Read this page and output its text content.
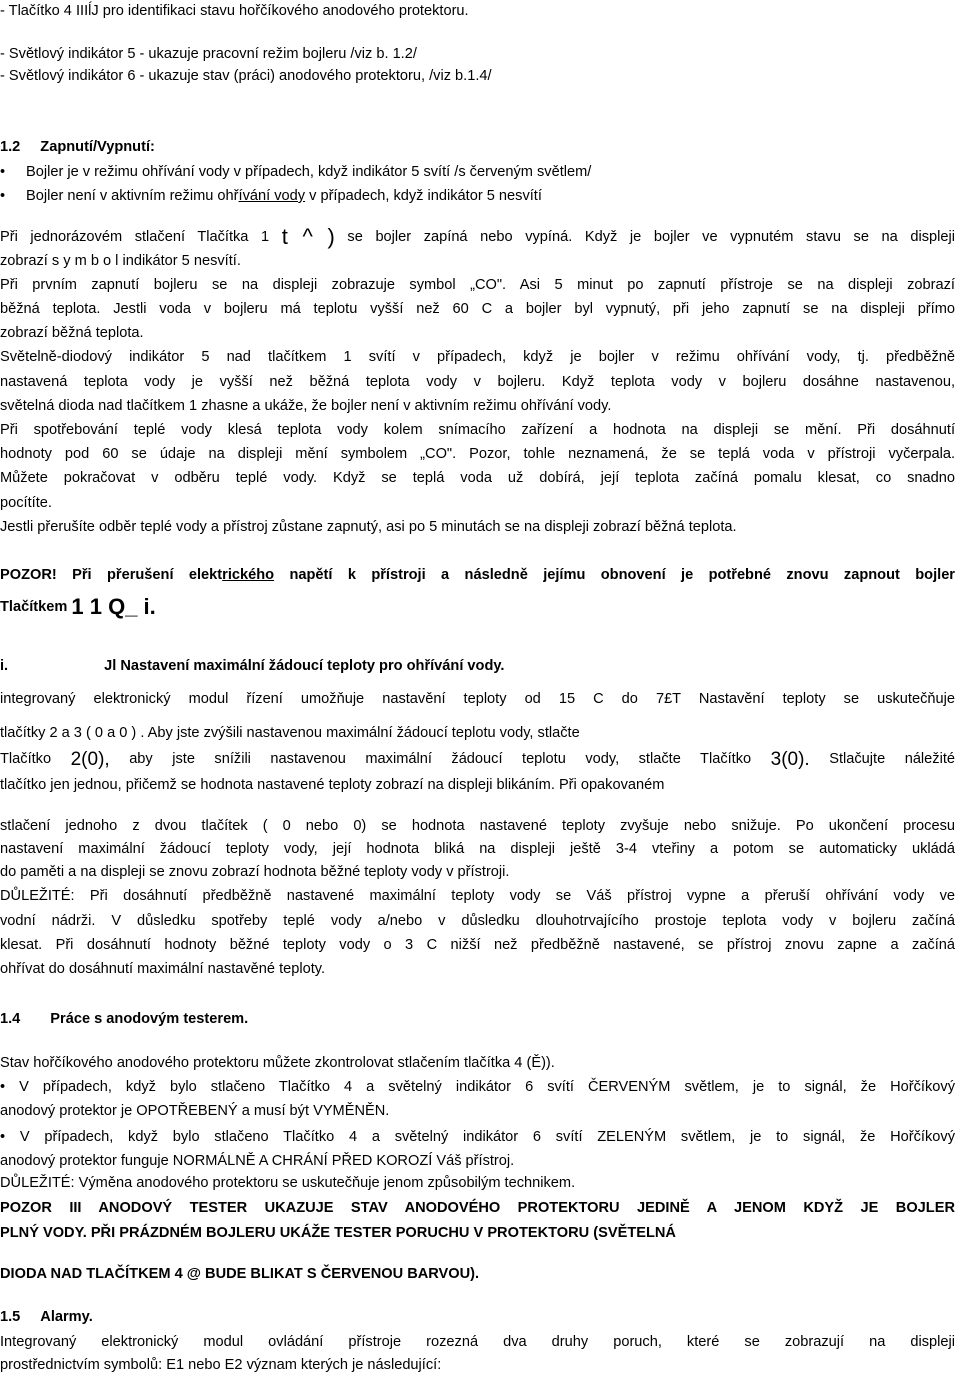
- Tlačítko 4 IIIĺJ pro identifikaci stavu hořčíkového anodového protektoru.
- Světlový indikátor 5 - ukazuje pracovní režim bojleru /viz b. 1.2/
- Světlový indikátor 6 - ukazuje stav (práci) anodového protektoru, /viz b.1.4/
1.2 Zapnutí/Vypnutí:
• Bojler je v režimu ohřívání vody v případech, když indikátor 5 svítí /s červeným světlem/
• Bojler není v aktivním režimu ohřívání vody v případech, když indikátor 5 nesvítí
Při jednorázovém stlačení Tlačítka 1 t ^ ) se bojler zapíná nebo vypíná. Když je bojler ve vypnutém stavu se na displeji
zobrazí s y m b o l indikátor 5 nesvítí.
Při prvním zapnutí bojleru se na displeji zobrazuje symbol „CO". Asi 5 minut po zapnutí přístroje se na displeji zobrazí
běžná teplota. Jestli voda v bojleru má teplotu vyšší než 60 C a bojler byl vypnutý, při jeho zapnutí se na displeji přímo
zobrazí běžná teplota.
Světelně-diodový indikátor 5 nad tlačítkem 1 svítí v případech, když je bojler v režimu ohřívání vody, tj. předběžně
nastavená teplota vody je vyšší než běžná teplota vody v bojleru. Když teplota vody v bojleru dosáhne nastavenou,
světelná dioda nad tlačítkem 1 zhasne a ukáže, že bojler není v aktivním režimu ohřívání vody.
Při spotřebování teplé vody klesá teplota vody kolem snímacího zařízení a hodnota na displeji se mění. Při dosáhnutí
hodnoty pod 60 se údaje na displeji mění symbolem „CO". Pozor, tohle neznamená, že se teplá voda v přístroji vyčerpala.
Můžete pokračovat v odběru teplé vody. Když se teplá voda už dobírá, její teplota začíná pomalu klesat, co snadno
pocítíte.
Jestli přerušíte odběr teplé vody a přístroj zůstane zapnutý, asi po 5 minutách se na displeji zobrazí běžná teplota.
POZOR! Při přerušení elektrického napětí k přístroji a následně jejímu obnovení je potřebné znovu zapnout bojler
Tlačítkem 1 1 Q_ i.
i.	Jl Nastavení maximální žádoucí teploty pro ohřívání vody.
integrovaný elektronický modul řízení umožňuje nastavění teploty od 15 C do 7£T Nastavění teploty se uskutečňuje
tlačítky 2 a 3 ( 0 a 0 ) . Aby jste zvýšili nastavenou maximální žádoucí teplotu vody, stlačte
Tlačítko 2(0), aby jste snížili nastavenou maximální žádoucí teplotu vody, stlačte Tlačítko 3(0). Stlačujte náležité
tlačítko jen jednou, přičemž se hodnota nastavené teploty zobrazí na displeji blikáním. Při opakovaném
stlačení jednoho z dvou tlačítek ( 0 nebo 0) se hodnota nastavené teploty zvyšuje nebo snižuje. Po ukončení procesu
nastavení maximální žádoucí teploty vody, její hodnota bliká na displeji ještě 3-4 vteřiny a potom se automaticky ukládá
do paměti a na displeji se znovu zobrazí hodnota běžné teploty vody v přístroji.
DŮLEŽITÉ: Při dosáhnutí předběžně nastavené maximální teploty vody se Váš přístroj vypne a přeruší ohřívání vody ve
vodní nádrži. V důsledku spotřeby teplé vody a/nebo v důsledku dlouhotrvajícího prostoje teplota vody v bojleru začíná
klesat. Při dosáhnutí hodnoty běžné teploty vody o 3 C nižší než předběžně nastavené, se přístroj znovu zapne a začíná
ohřívat do dosáhnutí maximální nastavěné teploty.
1.4 Práce s anodovým testerem.
Stav hořčíkového anodového protektoru můžete zkontrolovat stlačením tlačítka 4 (Ě)).
• V případech, když bylo stlačeno Tlačítko 4 a světelný indikátor 6 svítí ČERVENÝM světlem, je to signál, že Hořčíkový
anodový protektor je OPOTŘEBENÝ a musí být VYMĚNĚN.
• V případech, když bylo stlačeno Tlačítko 4 a světelný indikátor 6 svítí ZELENÝM světlem, je to signál, že Hořčíkový
anodový protektor funguje NORMÁLNĚ A CHRÁNÍ PŘED KOROZÍ Váš přístroj.
DŮLEŽITÉ: Výměna anodového protektoru se uskutečňuje jenom způsobilým technikem.
POZOR III ANODOVÝ TESTER UKAZUJE STAV ANODOVÉHO PROTEKTORU JEDINĚ A JENOM KDYŽ JE BOJLER
PLNÝ VODY. PŘI PRÁZDNÉM BOJLERU UKÁŽE TESTER PORUCHU V PROTEKTORU (SVĚTELNÁ
DIODA NAD TLAČÍTKEM 4 @ BUDE BLIKAT S ČERVENOU BARVOU).
1.5 Alarmy.
Integrovaný elektronický modul ovládání přístroje rozezná dva druhy poruch, které se zobrazují na displeji
prostřednictvím symbolů: E1 nebo E2 význam kterých je následující:
